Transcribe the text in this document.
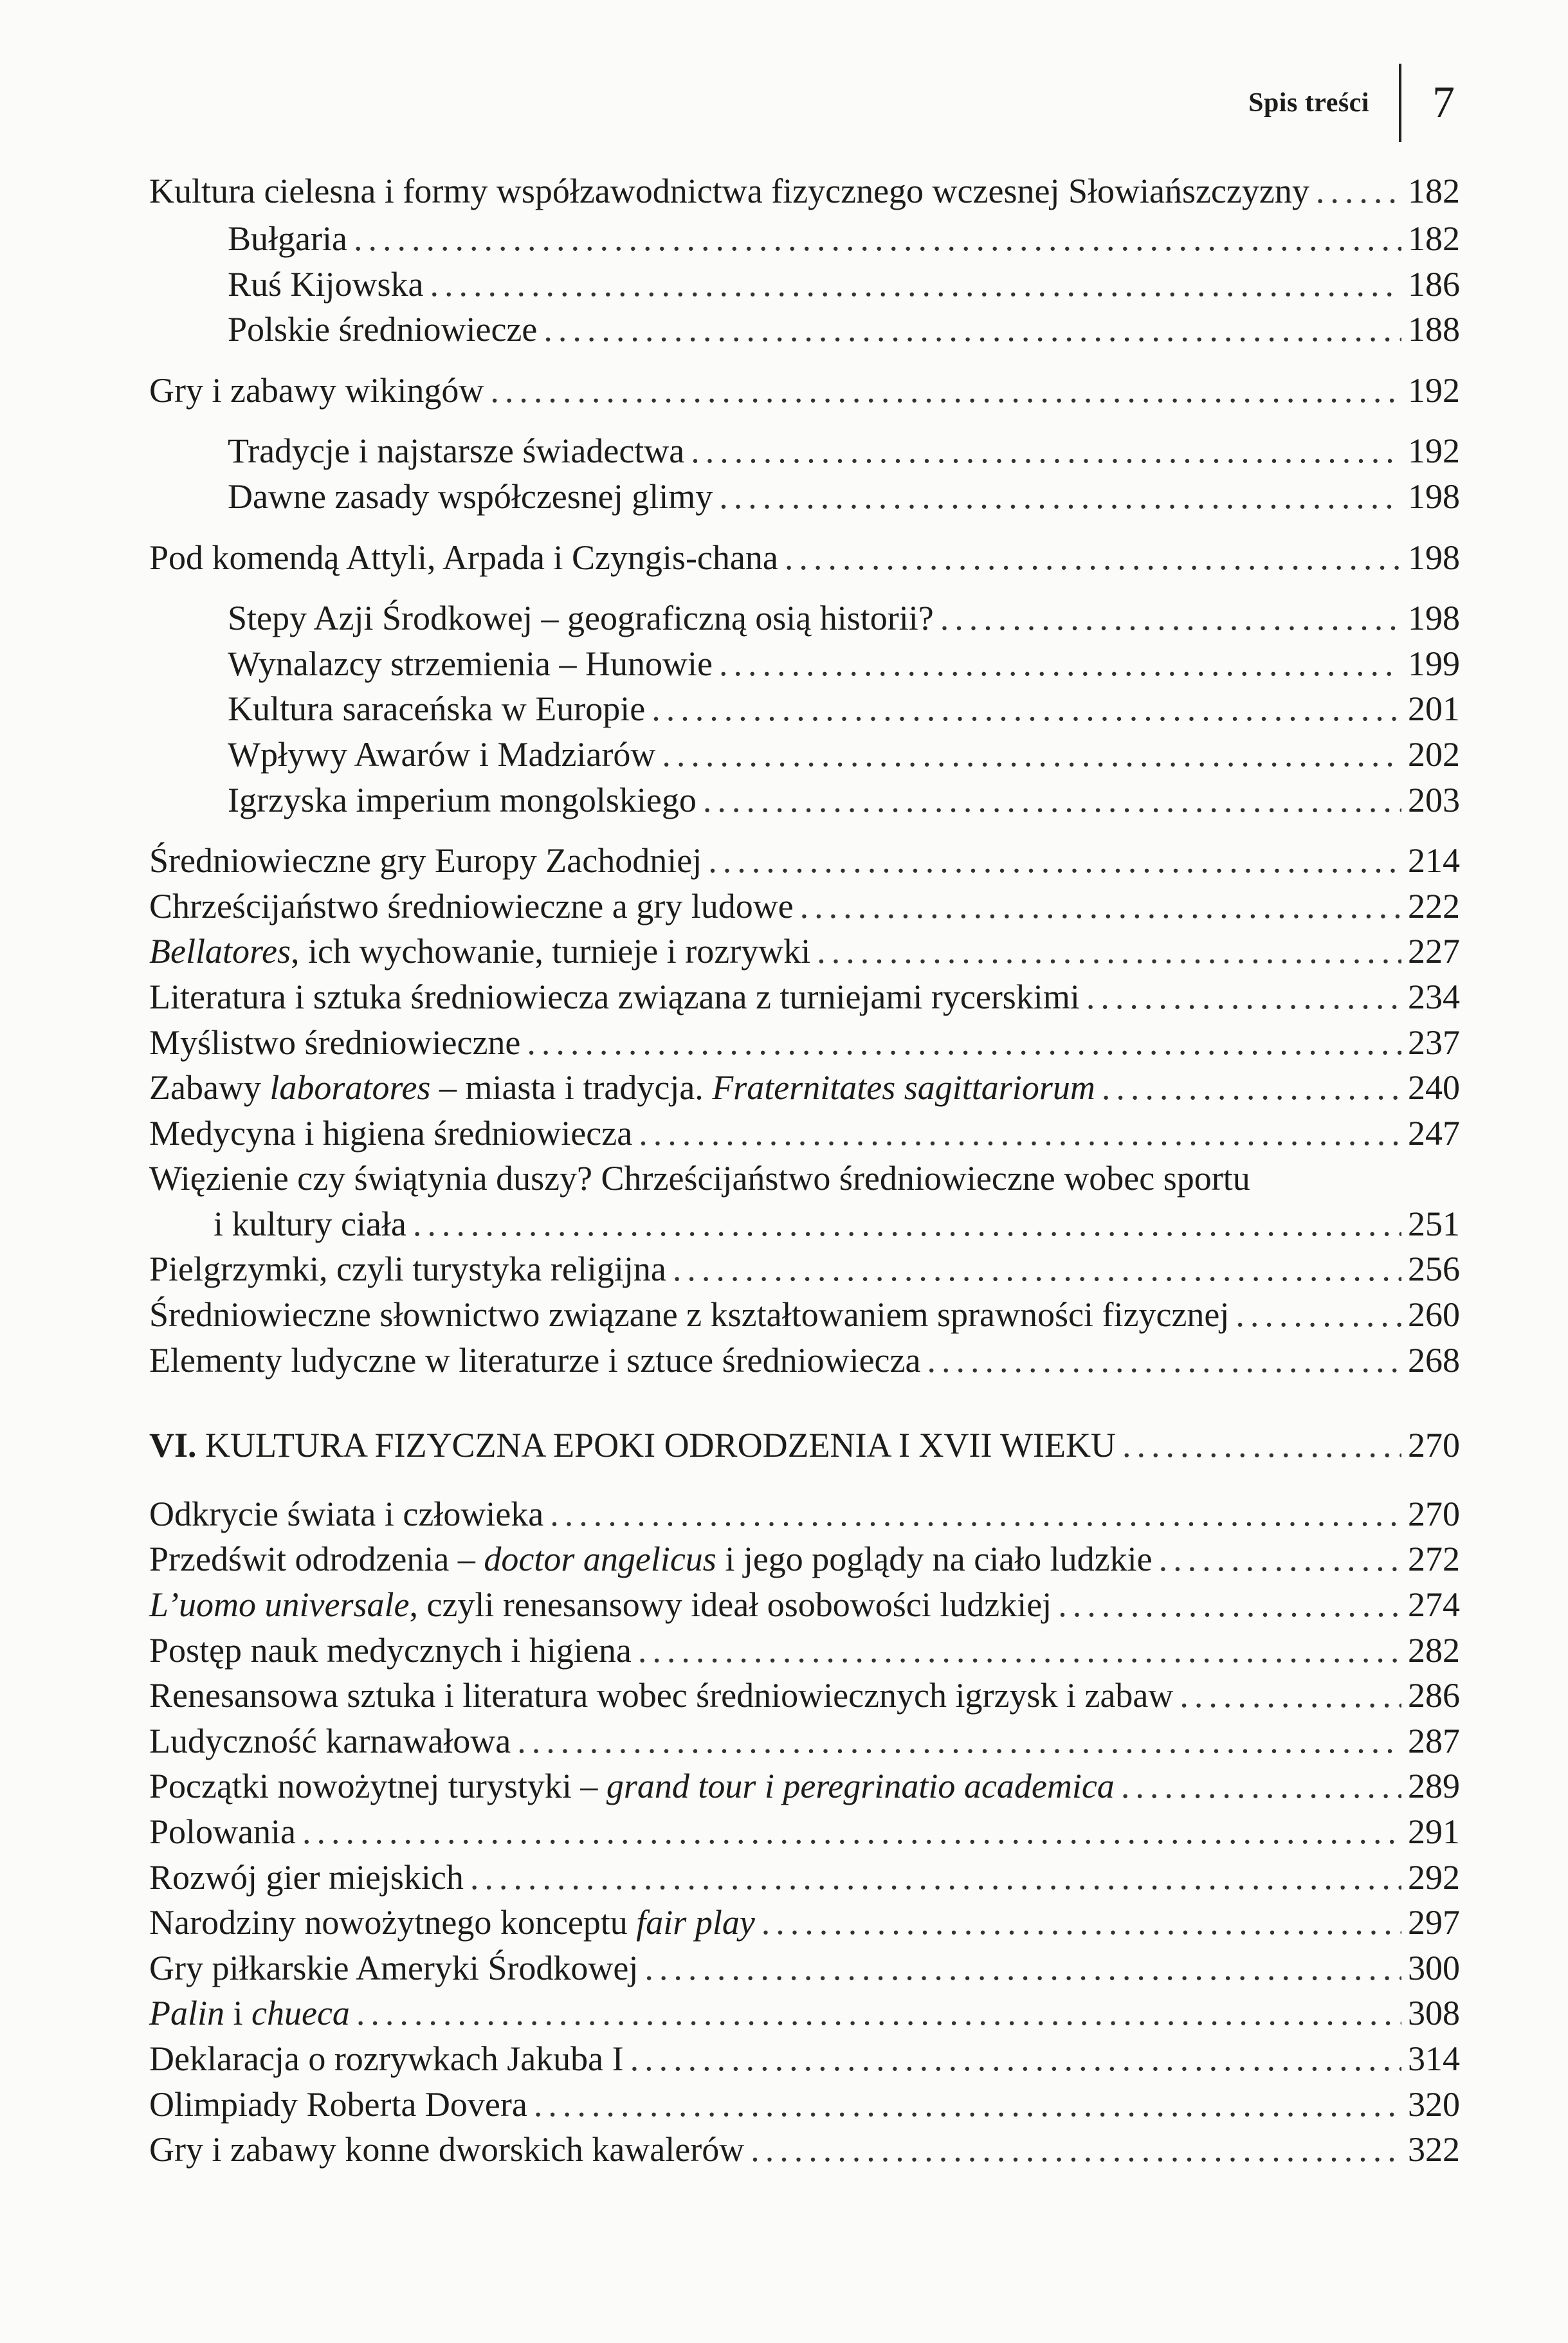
Spis treści 7
Kultura cielesna i formy współzawodnictwa fizycznego wczesnej Słowiańszczyzny .....	182
Bułgaria .....	182
Ruś Kijowska .....	186
Polskie średniowiecze .....	188
Gry i zabawy wikingów .....	192
Tradycje i najstarsze świadectwa .....	192
Dawne zasady współczesnej glimy .....	198
Pod komendą Attyli, Arpada i Czyngis-chana .....	198
Stepy Azji Środkowej – geograficzną osią historii? .....	198
Wynalazcy strzemienia – Hunowie .....	199
Kultura saraceńska w Europie .....	201
Wpływy Awarów i Madziarów .....	202
Igrzyska imperium mongolskiego .....	203
Średniowieczne gry Europy Zachodniej .....	214
Chrześcijaństwo średniowieczne a gry ludowe .....	222
Bellatores, ich wychowanie, turnieje i rozrywki .....	227
Literatura i sztuka średniowiecza związana z turniejami rycerskimi .....	234
Myślistwo średniowieczne .....	237
Zabawy laboratores – miasta i tradycja. Fraternitates sagittariorum .....	240
Medycyna i higiena średniowiecza .....	247
Więzienie czy świątynia duszy? Chrześcijaństwo średniowieczne wobec sportu
i kultury ciała .....	251
Pielgrzymki, czyli turystyka religijna .....	256
Średniowieczne słownictwo związane z kształtowaniem sprawności fizycznej .....	260
Elementy ludyczne w literaturze i sztuce średniowiecza .....	268
VI. KULTURA FIZYCZNA EPOKI ODRODZENIA I XVII WIEKU .....	270
Odkrycie świata i człowieka .....	270
Przedświt odrodzenia – doctor angelicus i jego poglądy na ciało ludzkie .....	272
L’uomo universale, czyli renesansowy ideał osobowości ludzkiej .....	274
Postęp nauk medycznych i higiena .....	282
Renesansowa sztuka i literatura wobec średniowiecznych igrzysk i zabaw .....	286
Ludyczność karnawałowa .....	287
Początki nowożytnej turystyki – grand tour i peregrinatio academica .....	289
Polowania .....	291
Rozwój gier miejskich .....	292
Narodziny nowożytnego konceptu fair play .....	297
Gry piłkarskie Ameryki Środkowej .....	300
Palin i chueca .....	308
Deklaracja o rozrywkach Jakuba I .....	314
Olimpiady Roberta Dovera .....	320
Gry i zabawy konne dworskich kawalerów .....	322
